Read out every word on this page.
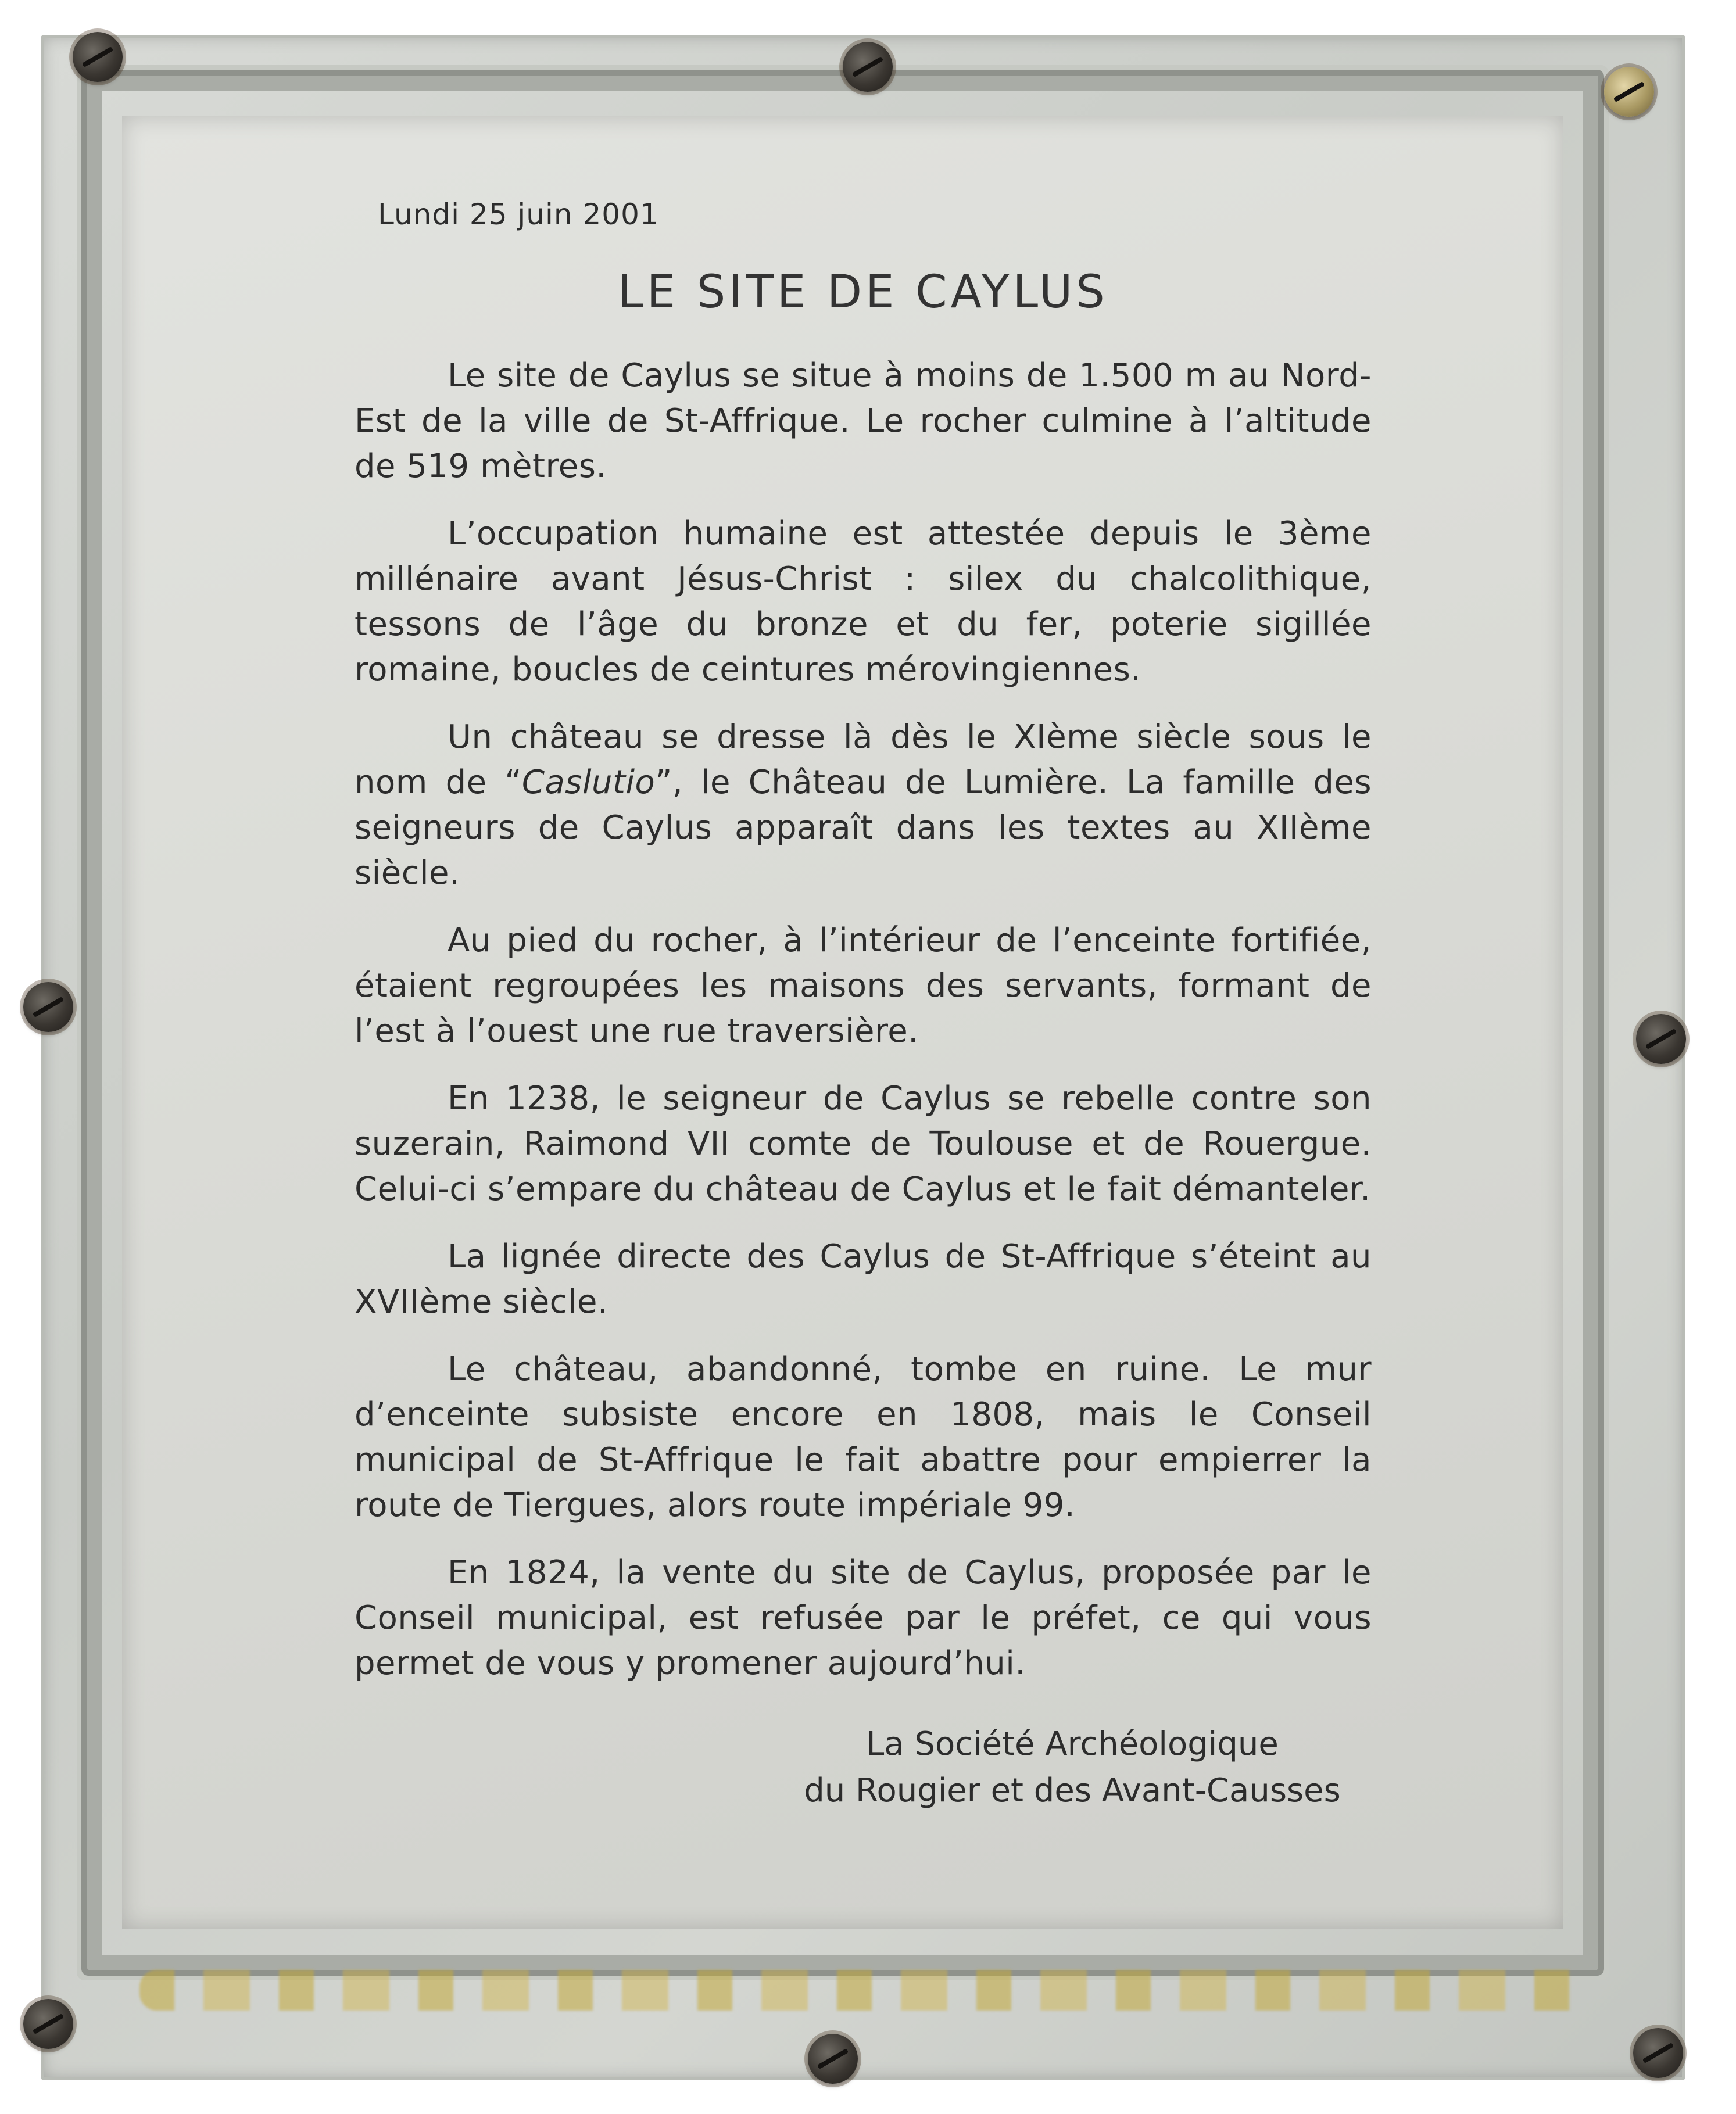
Lundi 25 juin 2001
LE SITE DE CAYLUS

Le site de Caylus se situe à moins de 1.500 m au Nord-Est de la ville de St-Affrique. Le rocher culmine à l’altitude de 519 mètres.

L’occupation humaine est attestée depuis le 3ème millénaire avant Jésus-Christ : silex du chalcolithique, tessons de l’âge du bronze et du fer, poterie sigillée romaine, boucles de ceintures mérovingiennes.

Un château se dresse là dès le XIème siècle sous le nom de “Caslutio”, le Château de Lumière. La famille des seigneurs de Caylus apparaît dans les textes au XIIème siècle.

Au pied du rocher, à l’intérieur de l’enceinte fortifiée, étaient regroupées les maisons des servants, formant de l’est à l’ouest une rue traversière.

En 1238, le seigneur de Caylus se rebelle contre son suzerain, Raimond VII comte de Toulouse et de Rouergue. Celui-ci s’empare du château de Caylus et le fait démanteler.

La lignée directe des Caylus de St-Affrique s’éteint au XVIIème siècle.

Le château, abandonné, tombe en ruine. Le mur d’enceinte subsiste encore en 1808, mais le Conseil municipal de St-Affrique le fait abattre pour empierrer la route de Tiergues, alors route impériale 99.

En 1824, la vente du site de Caylus, proposée par le Conseil municipal, est refusée par le préfet, ce qui vous permet de vous y promener aujourd’hui.

La Société Archéologique
du Rougier et des Avant-Causses
